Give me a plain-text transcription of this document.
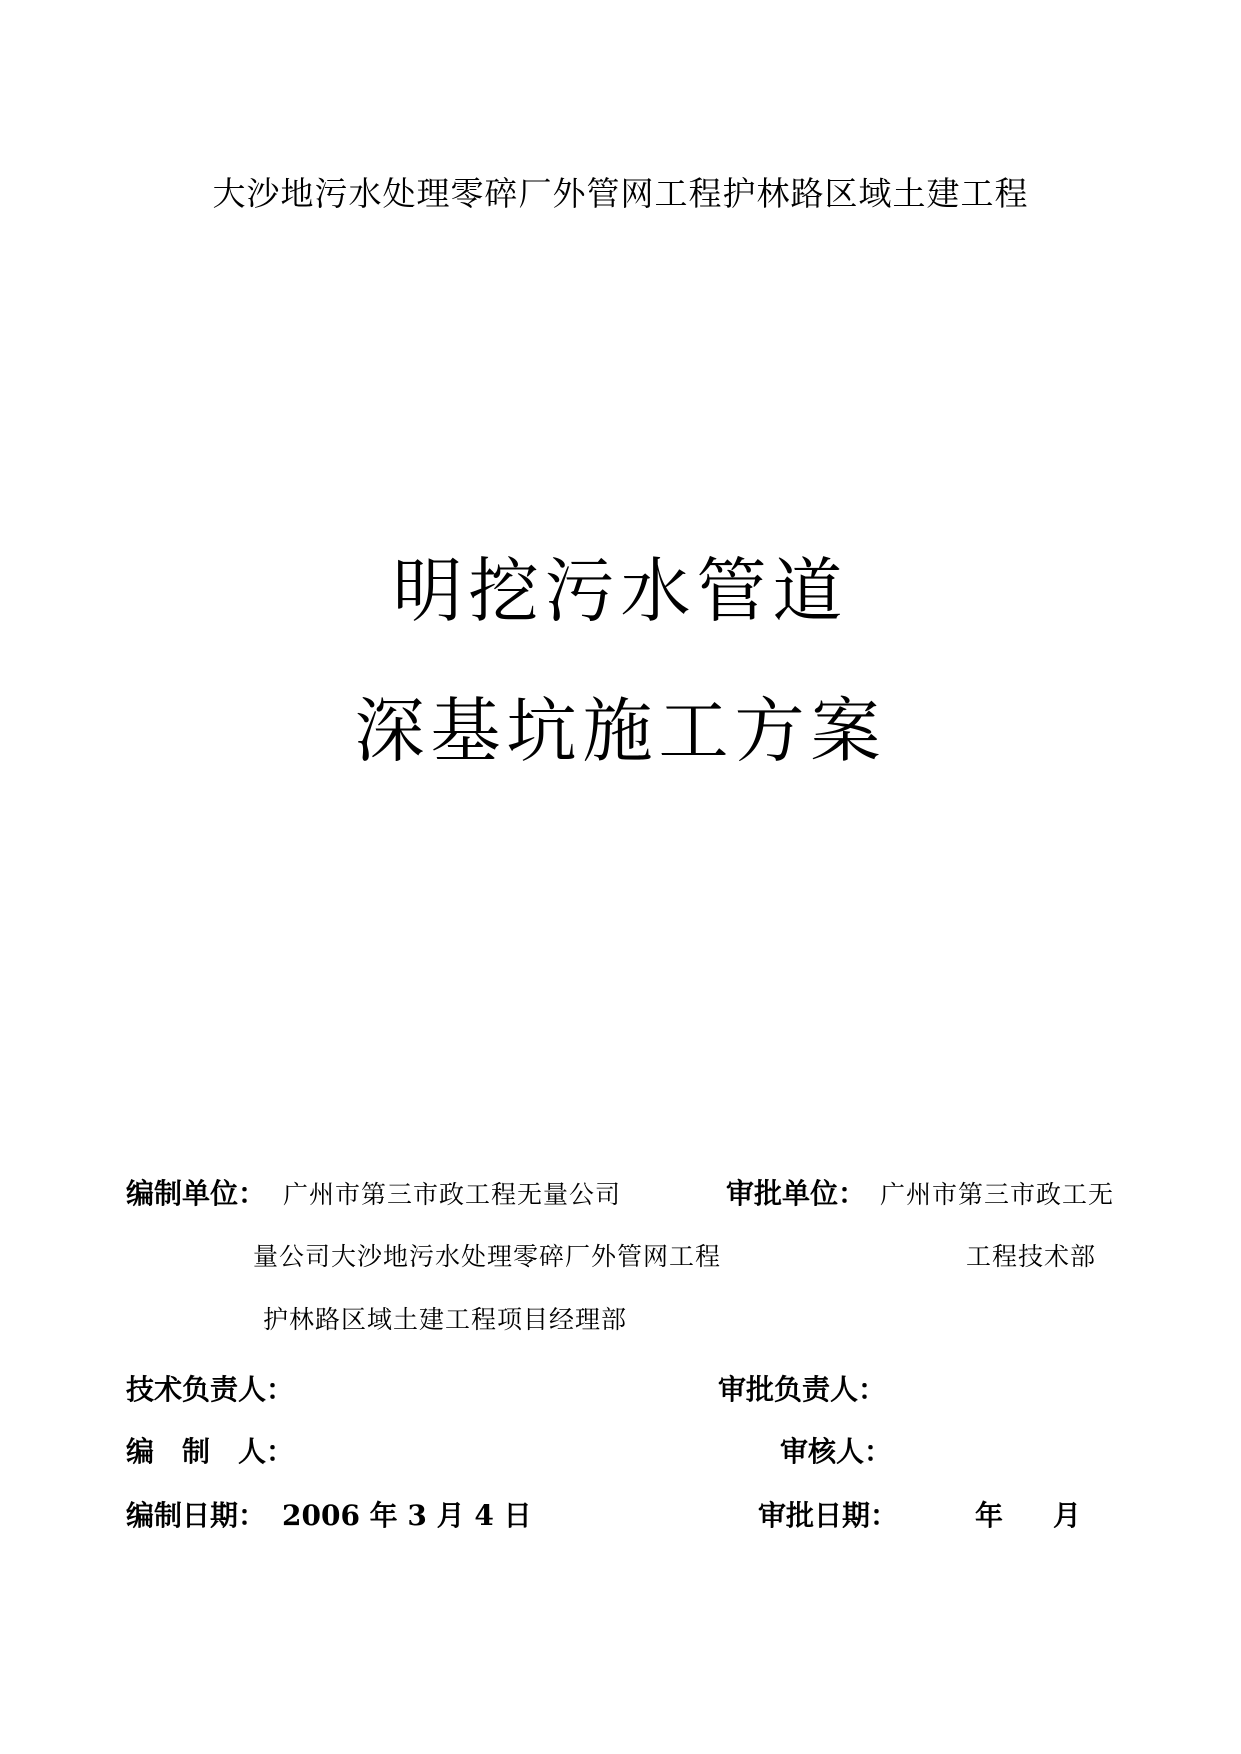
大沙地污水处理零碎厂外管网工程护林路区域土建工程
明挖污水管道
深基坑施工方案
编制单位： 广州市第三市政工程无量公司	审批单位： 广州市第三市政工无
量公司大沙地污水处理零碎厂外管网工程	工程技术部
护林路区域土建工程项目经理部
技术负责人：	审批负责人：
编　制　人：	审核人：
编制日期： 2006 年 3 月 4 日	审批日期：	年 月
